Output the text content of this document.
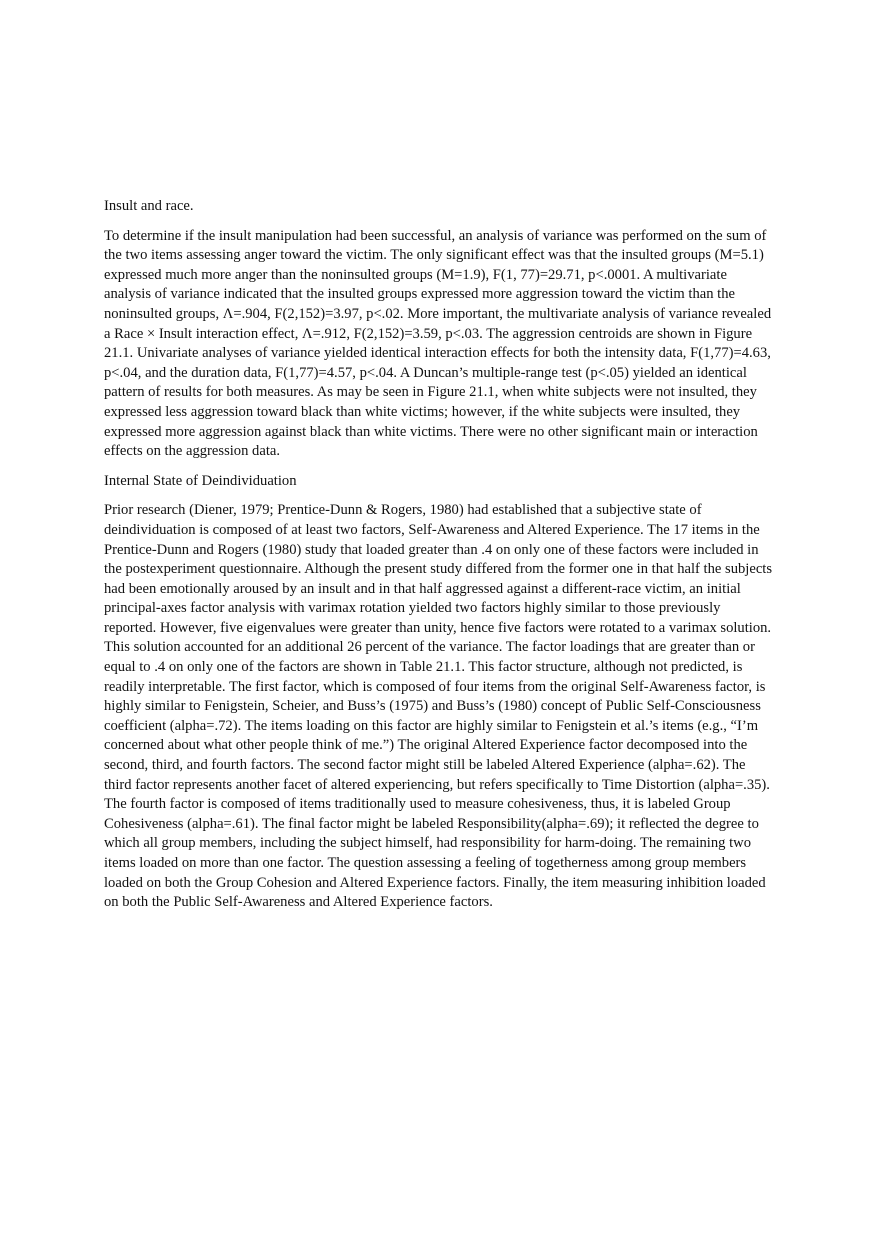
Insult and race.

To determine if the insult manipulation had been successful, an analysis of variance was performed on the sum of the two items assessing anger toward the victim. The only significant effect was that the insulted groups (M=5.1) expressed much more anger than the noninsulted groups (M=1.9), F(1, 77)=29.71, p<.0001. A multivariate analysis of variance indicated that the insulted groups expressed more aggression toward the victim than the noninsulted groups, Λ=.904, F(2,152)=3.97, p<.02. More important, the multivariate analysis of variance revealed a Race × Insult interaction effect, Λ=.912, F(2,152)=3.59, p<.03. The aggression centroids are shown in Figure 21.1. Univariate analyses of variance yielded identical interaction effects for both the intensity data, F(1,77)=4.63, p<.04, and the duration data, F(1,77)=4.57, p<.04. A Duncan’s multiple-range test (p<.05) yielded an identical pattern of results for both measures. As may be seen in Figure 21.1, when white subjects were not insulted, they expressed less aggression toward black than white victims; however, if the white subjects were insulted, they expressed more aggression against black than white victims. There were no other significant main or interaction effects on the aggression data.

Internal State of Deindividuation

Prior research (Diener, 1979; Prentice-Dunn & Rogers, 1980) had established that a subjective state of deindividuation is composed of at least two factors, Self-Awareness and Altered Experience. The 17 items in the Prentice-Dunn and Rogers (1980) study that loaded greater than .4 on only one of these factors were included in the postexperiment questionnaire. Although the present study differed from the former one in that half the subjects had been emotionally aroused by an insult and in that half aggressed against a different-race victim, an initial principal-axes factor analysis with varimax rotation yielded two factors highly similar to those previously reported. However, five eigenvalues were greater than unity, hence five factors were rotated to a varimax solution. This solution accounted for an additional 26 percent of the variance. The factor loadings that are greater than or equal to .4 on only one of the factors are shown in Table 21.1. This factor structure, although not predicted, is readily interpretable. The first factor, which is composed of four items from the original Self-Awareness factor, is highly similar to Fenigstein, Scheier, and Buss’s (1975) and Buss’s (1980) concept of Public Self-Consciousness coefficient (alpha=.72). The items loading on this factor are highly similar to Fenigstein et al.’s items (e.g., “I’m concerned about what other people think of me.”) The original Altered Experience factor decomposed into the second, third, and fourth factors. The second factor might still be labeled Altered Experience (alpha=.62). The third factor represents another facet of altered experiencing, but refers specifically to Time Distortion (alpha=.35). The fourth factor is composed of items traditionally used to measure cohesiveness, thus, it is labeled Group Cohesiveness (alpha=.61). The final factor might be labeled Responsibility(alpha=.69); it reflected the degree to which all group members, including the subject himself, had responsibility for harm-doing. The remaining two items loaded on more than one factor. The question assessing a feeling of togetherness among group members loaded on both the Group Cohesion and Altered Experience factors. Finally, the item measuring inhibition loaded on both the Public Self-Awareness and Altered Experience factors.
